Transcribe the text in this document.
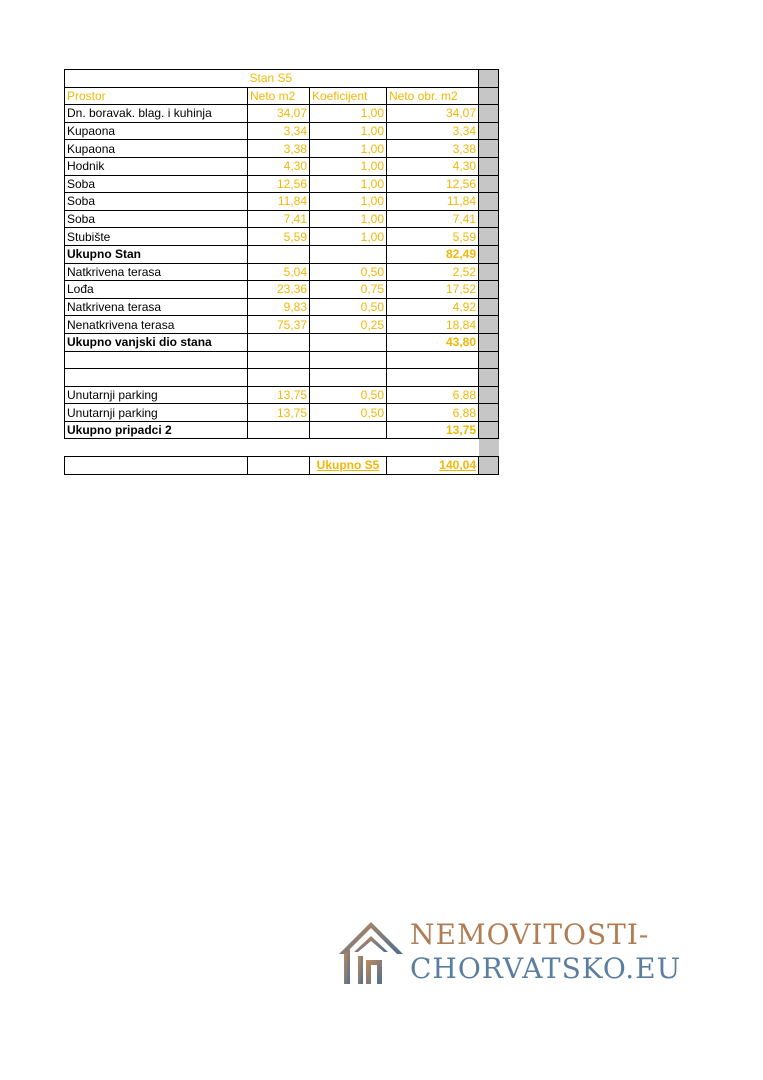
	Stan S5			
Prostor	Neto m2	Koeficijent	Neto obr. m2	
Dn. boravak. blag. i kuhinja	34,07	1,00	34,07	
Kupaona	3,34	1,00	3,34	
Kupaona	3,38	1,00	3,38	
Hodnik	4,30	1,00	4,30	
Soba	12,56	1,00	12,56	
Soba	11,84	1,00	11,84	
Soba	7,41	1,00	7,41	
Stubište	5,59	1,00	5,59	
Ukupno Stan			82,49	
Natkrivena terasa	5,04	0,50	2,52	
Lođa	23,36	0,75	17,52	
Natkrivena terasa	9,83	0,50	4,92	
Nenatkrivena terasa	75,37	0,25	18,84	
Ukupno vanjski dio stana			43,80	

Unutarnji parking	13,75	0,50	6,88	
Unutarnji parking	13,75	0,50	6,88	
Ukupno pripadci 2			13,75	

		Ukupno S5	140,04	
NEMOVITOSTI-
CHORVATSKO.EU
